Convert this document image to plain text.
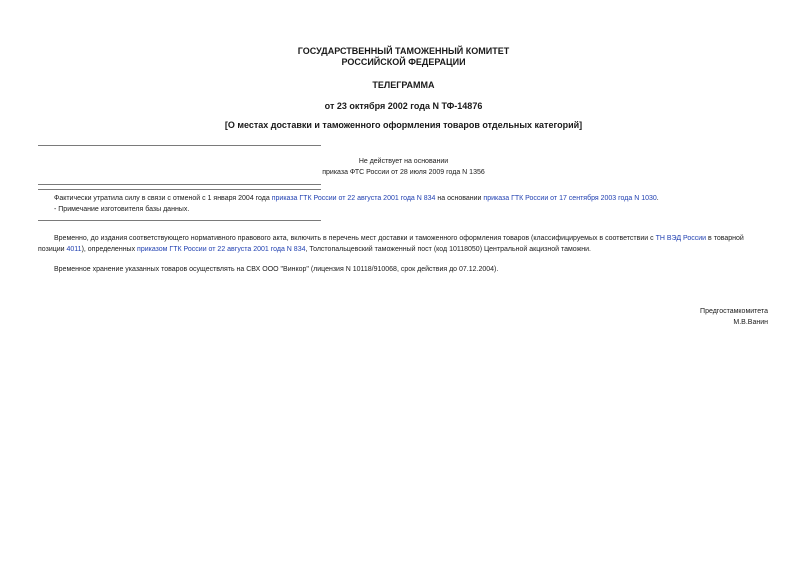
ГОСУДАРСТВЕННЫЙ ТАМОЖЕННЫЙ КОМИТЕТ
РОССИЙСКОЙ ФЕДЕРАЦИИ
ТЕЛЕГРАММА
от 23 октября 2002 года N ТФ-14876
[О местах доставки и таможенного оформления товаров отдельных категорий]
Не действует на основании
приказа ФТС России от 28 июля 2009 года N 1356
Фактически утратила силу в связи с отменой с 1 января 2004 года приказа ГТК России от 22 августа 2001 года N 834 на основании приказа ГТК России от 17 сентября 2003 года N 1030.
- Примечание изготовителя базы данных.
Временно, до издания соответствующего нормативного правового акта, включить в перечень мест доставки и таможенного оформления товаров (классифицируемых в соответствии с ТН ВЭД России в товарной
позиции 4011), определенных приказом ГТК России от 22 августа 2001 года N 834, Толстопальцевский таможенный пост (код 10118050) Центральной акцизной таможни.
Временное хранение указанных товаров осуществлять на СВХ ООО "Винкор" (лицензия N 10118/910068, срок действия до 07.12.2004).
Предгостамкомитета
М.В.Ванин
